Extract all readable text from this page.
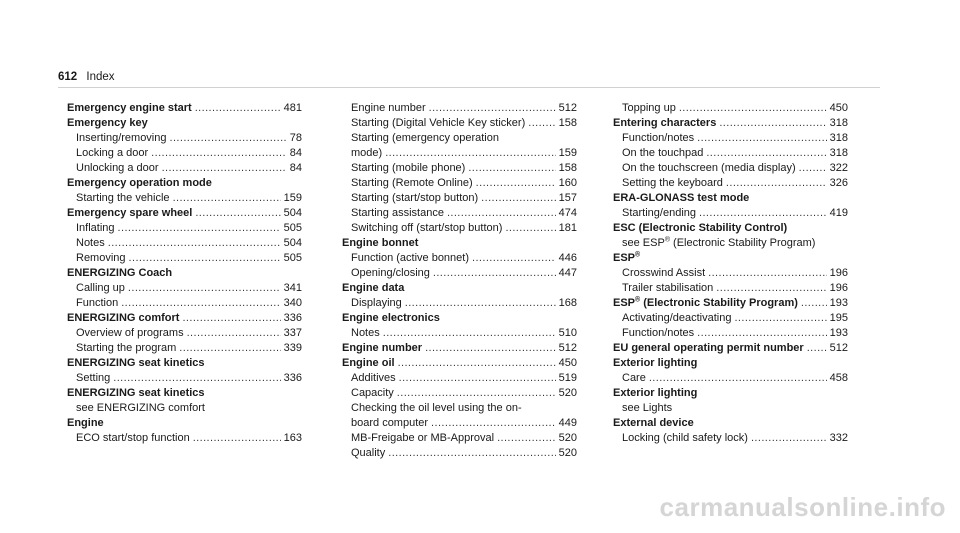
612 Index
Emergency engine start .....	481
Emergency key
Inserting/removing .....	78
Locking a door .....	84
Unlocking a door .....	84
Emergency operation mode
Starting the vehicle .....	159
Emergency spare wheel .....	504
Inflating .....	505
Notes .....	504
Removing .....	505
ENERGIZING Coach
Calling up .....	341
Function .....	340
ENERGIZING comfort .....	336
Overview of programs .....	337
Starting the program .....	339
ENERGIZING seat kinetics
Setting .....	336
ENERGIZING seat kinetics
see ENERGIZING comfort
Engine
ECO start/stop function .....	163
Engine number .....	512
Starting (Digital Vehicle Key sticker) .....	158
Starting (emergency operation
mode) .....	159
Starting (mobile phone) .....	158
Starting (Remote Online) .....	160
Starting (start/stop button) .....	157
Starting assistance .....	474
Switching off (start/stop button) .....	181
Engine bonnet
Function (active bonnet) .....	446
Opening/closing .....	447
Engine data
Displaying .....	168
Engine electronics
Notes .....	510
Engine number .....	512
Engine oil .....	450
Additives .....	519
Capacity .....	520
Checking the oil level using the on-
board computer .....	449
MB-Freigabe or MB-Approval .....	520
Quality .....	520
Topping up .....	450
Entering characters .....	318
Function/notes .....	318
On the touchpad .....	318
On the touchscreen (media display) .....	322
Setting the keyboard .....	326
ERA-GLONASS test mode
Starting/ending .....	419
ESC (Electronic Stability Control)
see ESP® (Electronic Stability Program)
ESP®
Crosswind Assist .....	196
Trailer stabilisation .....	196
ESP® (Electronic Stability Program) .....	193
Activating/deactivating .....	195
Function/notes .....	193
EU general operating permit number ..... 512
Exterior lighting
Care .....	458
Exterior lighting
see Lights
External device
Locking (child safety lock) .....	332
carmanualsonline.info
